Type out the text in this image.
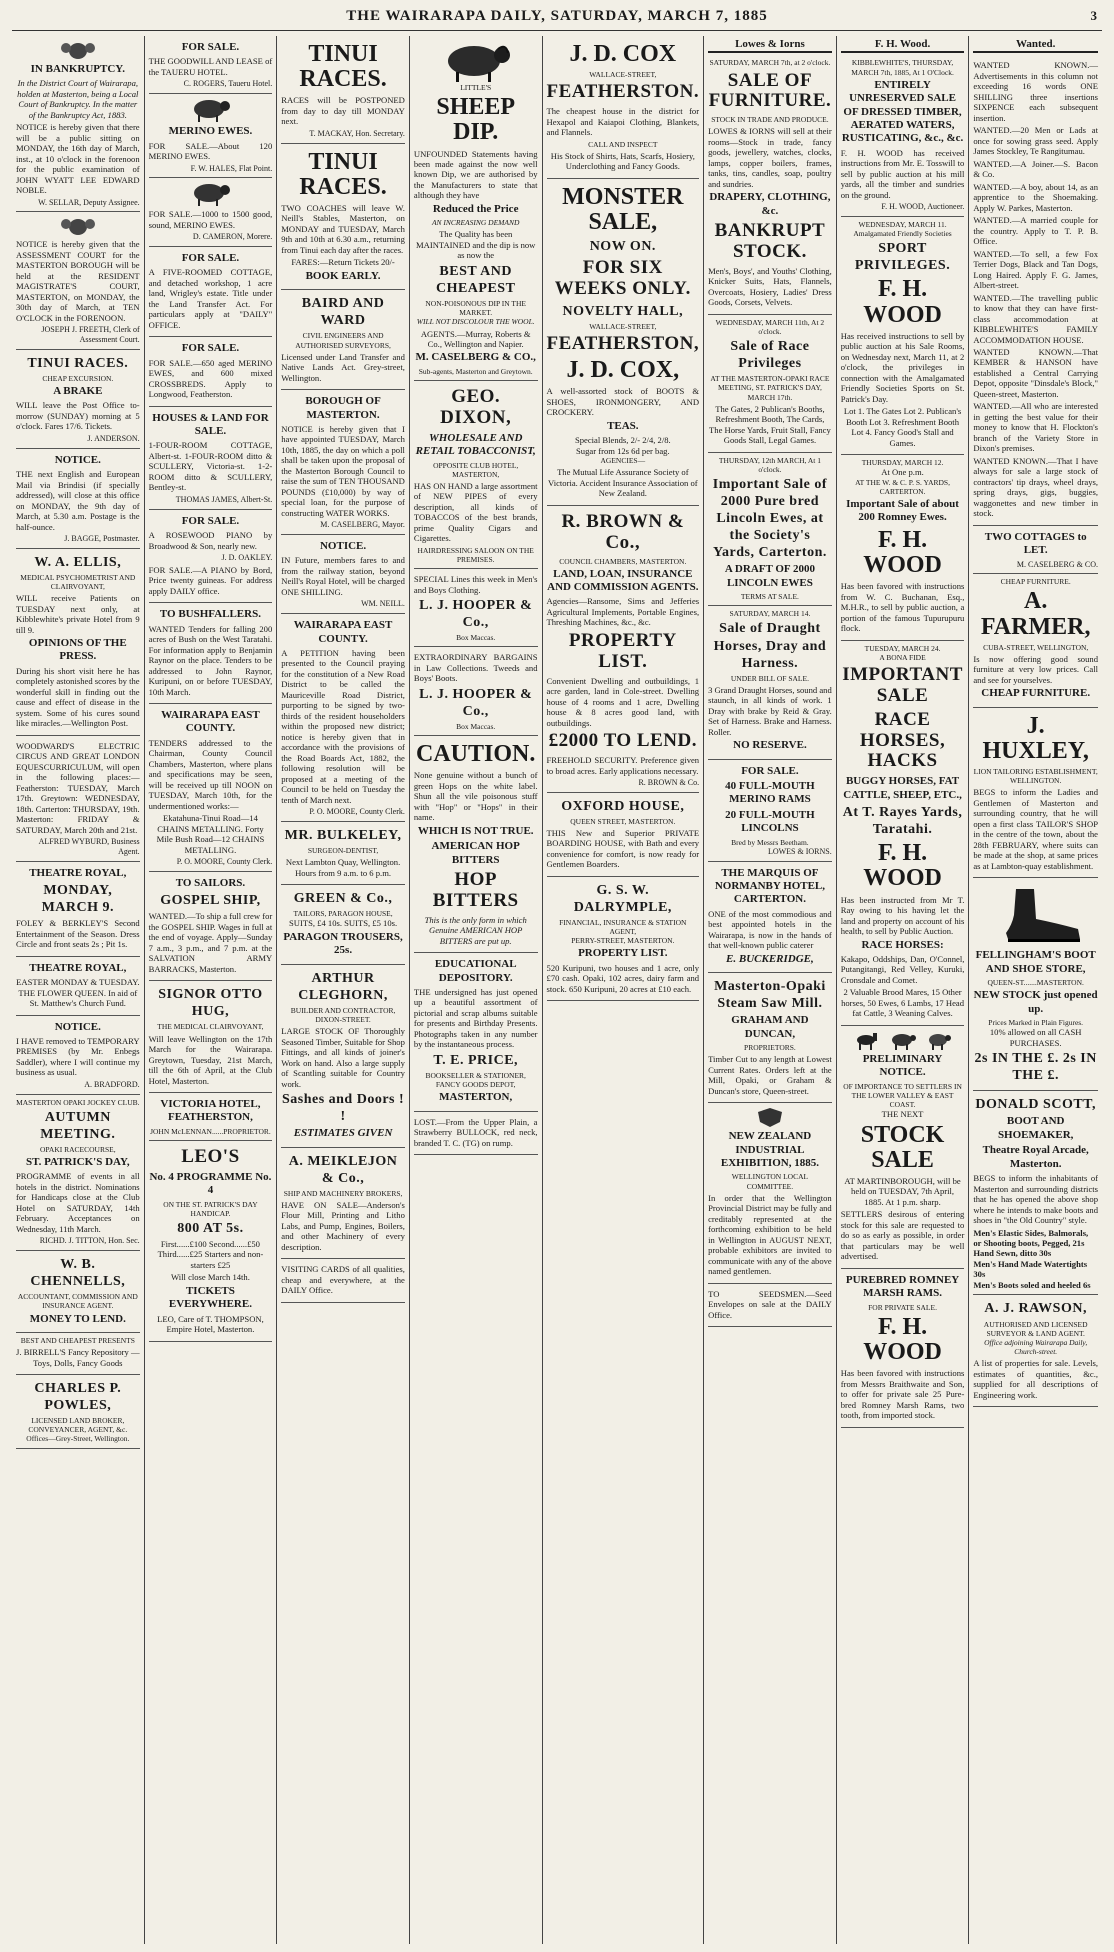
THE WAIRARAPA DAILY, SATURDAY, MARCH 7, 1885	3
IN BANKRUPTCY.

In the District Court of Wairarapa, holden at Masterton, being a Local Court of Bankruptcy. In the matter of the Bankruptcy Act, 1883.

NOTICE is hereby given that there will be a public sitting on MONDAY, the 16th day of March, inst., at 10 o'clock in the forenoon for the public examination of JOHN WYATT LEE EDWARD NOBLE.

W. SELLAR, Deputy Assignee.

NOTICE is hereby given that the ASSESSMENT COURT for the MASTERTON BOROUGH will be held at the RESIDENT MAGISTRATE'S COURT, MASTERTON, on MONDAY, the 30th day of March, at TEN O'CLOCK in the FORENOON.

JOSEPH J. FREETH, Clerk of Assessment Court.
TINUI RACES.
CHEAP EXCURSION.
A BRAKE

WILL leave the Post Office to-morrow (SUNDAY) morning at 5 o'clock. Fares 17/6. Tickets.

J. ANDERSON.
NOTICE.

THE next English and European Mail via Brindisi (if specially addressed), will close at this office on MONDAY, the 9th day of March, at 5.30 a.m. Postage is the half-ounce.

J. BAGGE, Postmaster.
W. A. ELLIS,
MEDICAL PSYCHOMETRIST AND CLAIRVOYANT,

WILL receive Patients on TUESDAY next only, at Kibblewhite's private Hotel from 9 till 9.

OPINIONS OF THE PRESS.

During his short visit here he has completely astonished scores by the wonderful skill in finding out the cause and effect of disease in the system. Some of his cures sound like miracles.—Wellington Post.

WOODWARD'S ELECTRIC CIRCUS AND GREAT LONDON EQUESCURRICULUM, will open in the following places:— Featherston: TUESDAY, March 17th. Greytown: WEDNESDAY, 18th. Carterton: THURSDAY, 19th. Masterton: FRIDAY & SATURDAY, March 20th and 21st.

ALFRED WYBURD, Business Agent.
THEATRE ROYAL,
MONDAY, MARCH 9.

FOLEY & BERKLEY'S Second Entertainment of the Season. Dress Circle and front seats 2s ; Pit 1s.

THEATRE ROYAL,

EASTER MONDAY & TUESDAY. THE FLOWER QUEEN. In aid of St. Matthew's Church Fund.

NOTICE.

I HAVE removed to TEMPORARY PREMISES (by Mr. Enbegs Saddler), where I will continue my business as usual.

A. BRADFORD.
MASTERTON OPAKI JOCKEY CLUB.
AUTUMN MEETING.
OPAKI RACECOURSE,
ST. PATRICK'S DAY,

PROGRAMME of events in all hotels in the district. Nominations for Handicaps close at the Club Hotel on SATURDAY, 14th February. Acceptances on Wednesday, 11th March.

RICHD. J. TITTON, Hon. Sec.
W. B. CHENNELLS,
ACCOUNTANT, COMMISSION AND INSURANCE AGENT.
MONEY TO LEND.
BEST AND CHEAPEST PRESENTS

J. BIRRELL'S Fancy Repository —Toys, Dolls, Fancy Goods

CHARLES P. POWLES,
LICENSED LAND BROKER, CONVEYANCER, AGENT, &c.
Offices—Grey-Street, Wellington.
FOR SALE.

THE GOODWILL AND LEASE of the TAUERU HOTEL.

C. ROGERS, Taueru Hotel.
MERINO EWES.

FOR SALE.—About 120 MERINO EWES.

F. W. HALES, Flat Point.

FOR SALE.—1000 to 1500 good, sound, MERINO EWES.

D. CAMERON, Morere.
FOR SALE.

A FIVE-ROOMED COTTAGE, and detached workshop, 1 acre land, Wrigley's estate. Title under the Land Transfer Act. For particulars apply at "DAILY" OFFICE.

FOR SALE.

FOR SALE.—650 aged MERINO EWES, and 600 mixed CROSSBREDS. Apply to Longwood, Featherston.

HOUSES & LAND FOR SALE.

1-FOUR-ROOM COTTAGE, Albert-st. 1-FOUR-ROOM ditto & SCULLERY, Victoria-st. 1-2-ROOM ditto & SCULLERY, Bentley-st.

THOMAS JAMES, Albert-St.
FOR SALE.

A ROSEWOOD PIANO by Broadwood & Son, nearly new.

J. D. OAKLEY.

FOR SALE.—A PIANO by Bord, Price twenty guineas. For address apply DAILY office.

TO BUSHFALLERS.

WANTED Tenders for falling 200 acres of Bush on the West Taratahi. For information apply to Benjamin Raynor on the place. Tenders to be addressed to John Raynor, Kuripuni, on or before TUESDAY, 10th March.

WAIRARAPA EAST COUNTY.

TENDERS addressed to the Chairman, County Council Chambers, Masterton, where plans and specifications may be seen, will be received up till NOON on TUESDAY, March 10th, for the undermentioned works:—

Ekatahuna-Tinui Road—14 CHAINS METALLING. Forty Mile Bush Road—12 CHAINS METALLING.

P. O. MOORE, County Clerk.
TO SAILORS.
GOSPEL SHIP,

WANTED.—To ship a full crew for the GOSPEL SHIP. Wages in full at the end of voyage. Apply—Sunday 7 a.m., 3 p.m., and 7 p.m. at the SALVATION ARMY BARRACKS, Masterton.

SIGNOR OTTO HUG,
THE MEDICAL CLAIRVOYANT,

Will leave Wellington on the 17th March for the Wairarapa. Greytown, Tuesday, 21st March, till the 6th of April, at the Club Hotel, Masterton.

VICTORIA HOTEL, FEATHERSTON,
JOHN McLENNAN......PROPRIETOR.
LEO'S
No. 4 PROGRAMME No. 4
ON THE ST. PATRICK'S DAY HANDICAP.
800 AT 5s.

First......£100 Second......£50 Third......£25 Starters and non-starters £25

Will close March 14th.
TICKETS EVERYWHERE.

LEO, Care of T. THOMPSON, Empire Hotel, Masterton.

TINUI RACES.

RACES will be POSTPONED from day to day till MONDAY next.

T. MACKAY, Hon. Secretary.
TINUI RACES.

TWO COACHES will leave W. Neill's Stables, Masterton, on MONDAY and TUESDAY, March 9th and 10th at 6.30 a.m., returning from Tinui each day after the races.

FARES:—Return Tickets 20/-
BOOK EARLY.
BAIRD AND WARD
CIVIL ENGINEERS AND AUTHORISED SURVEYORS,

Licensed under Land Transfer and Native Lands Act. Grey-street, Wellington.

BOROUGH OF MASTERTON.

NOTICE is hereby given that I have appointed TUESDAY, March 10th, 1885, the day on which a poll shall be taken upon the proposal of the Masterton Borough Council to raise the sum of TEN THOUSAND POUNDS (£10,000) by way of special loan, for the purpose of constructing WATER WORKS.

M. CASELBERG, Mayor.
NOTICE.

IN Future, members fares to and from the railway station, beyond Neill's Royal Hotel, will be charged ONE SHILLING.

WM. NEILL.
WAIRARAPA EAST COUNTY.

A PETITION having been presented to the Council praying for the constitution of a New Road District to be called the Mauriceville Road District, purporting to be signed by two-thirds of the resident householders within the proposed new district; notice is hereby given that in accordance with the provisions of the Road Boards Act, 1882, the following resolution will be proposed at a meeting of the Council to be held on Tuesday the tenth of March next.

P. O. MOORE, County Clerk.
MR. BULKELEY,
SURGEON-DENTIST,

Next Lambton Quay, Wellington. Hours from 9 a.m. to 6 p.m.

GREEN & Co.,
TAILORS, PARAGON HOUSE,
SUITS, £4 10s. SUITS, £5 10s.
PARAGON TROUSERS, 25s.
ARTHUR CLEGHORN,
BUILDER AND CONTRACTOR, DIXON-STREET.

LARGE STOCK OF Thoroughly Seasoned Timber, Suitable for Shop Fittings, and all kinds of joiner's Work on hand. Also a large supply of Scantling suitable for Country work.

Sashes and Doors ! !
ESTIMATES GIVEN
A. MEIKLEJON & Co.,
SHIP AND MACHINERY BROKERS,

HAVE ON SALE—Anderson's Flour Mill, Printing and Litho Labs, and Pump, Engines, Boilers, and other Machinery of every description.

VISITING CARDS of all qualities, cheap and everywhere, at the DAILY Office.

LITTLE'S
SHEEP DIP.

UNFOUNDED Statements having been made against the now well known Dip, we are authorised by the Manufacturers to state that although they have

Reduced the Price
AN INCREASING DEMAND

The Quality has been MAINTAINED and the dip is now as now the

BEST AND CHEAPEST
NON-POISONOUS DIP IN THE MARKET.
WILL NOT DISCOLOUR THE WOOL.

AGENTS.—Murray, Roberts & Co., Wellington and Napier.

M. CASELBERG & CO.,
Sub-agents, Masterton and Greytown.
GEO. DIXON,
WHOLESALE AND RETAIL TOBACCONIST,
OPPOSITE CLUB HOTEL, MASTERTON,

HAS ON HAND a large assortment of NEW PIPES of every description, all kinds of TOBACCOS of the best brands, prime Quality Cigars and Cigarettes.

HAIRDRESSING SALOON ON THE PREMISES.

SPECIAL Lines this week in Men's and Boys Clothing.

L. J. HOOPER & Co.,
Box Maccas.

EXTRAORDINARY BARGAINS in Law Collections. Tweeds and Boys' Boots.

L. J. HOOPER & Co.,
Box Maccas.
CAUTION.

None genuine without a bunch of green Hops on the white label. Shun all the vile poisonous stuff with "Hop" or "Hops" in their name.

WHICH IS NOT TRUE.
AMERICAN HOP BITTERS
HOP BITTERS

This is the only form in which Genuine AMERICAN HOP BITTERS are put up.

EDUCATIONAL DEPOSITORY.

THE undersigned has just opened up a beautiful assortment of pictorial and scrap albums suitable for presents and Birthday Presents. Photographs taken in any number by the instantaneous process.

T. E. PRICE,
BOOKSELLER & STATIONER, FANCY GOODS DEPOT,
MASTERTON,

LOST.—From the Upper Plain, a Strawberry BULLOCK, red neck, branded T. C. (TG) on rump.

J. D. COX
WALLACE-STREET,
FEATHERSTON.

The cheapest house in the district for Hexapol and Kaiapoi Clothing, Blankets, and Flannels.

CALL AND INSPECT

His Stock of Shirts, Hats, Scarfs, Hosiery, Underclothing and Fancy Goods.

MONSTER SALE,
NOW ON.
FOR SIX WEEKS ONLY.
NOVELTY HALL,
WALLACE-STREET,
FEATHERSTON,
J. D. COX,

A well-assorted stock of BOOTS & SHOES, IRONMONGERY, AND CROCKERY.

TEAS.
Special Blends, 2/- 2/4, 2/8.
Sugar from 12s 6d per bag.
AGENCIES—

The Mutual Life Assurance Society of Victoria. Accident Insurance Association of New Zealand.

R. BROWN & Co.,
COUNCIL CHAMBERS, MASTERTON.
LAND, LOAN, INSURANCE AND COMMISSION AGENTS.

Agencies—Ransome, Sims and Jefferies Agricultural Implements, Portable Engines, Threshing Machines, &c., &c.

PROPERTY LIST.

Convenient Dwelling and outbuildings, 1 acre garden, land in Cole-street. Dwelling house of 4 rooms and 1 acre, Dwelling house & 8 acres good land, with outbuildings.

£2000 TO LEND.

FREEHOLD SECURITY. Preference given to broad acres. Early applications necessary.

R. BROWN & Co.
OXFORD HOUSE,
QUEEN STREET, MASTERTON.

THIS New and Superior PRIVATE BOARDING HOUSE, with Bath and every convenience for comfort, is now ready for Gentlemen Boarders.

G. S. W. DALRYMPLE,
FINANCIAL, INSURANCE & STATION AGENT,
PERRY-STREET, MASTERTON.
PROPERTY LIST.

520 Kuripuni, two houses and 1 acre, only £70 cash. Opaki, 102 acres, dairy farm and stock. 650 Kuripuni, 20 acres at £10 each.

Lowes & Iorns
SATURDAY, MARCH 7th, at 2 o'clock.
SALE OF FURNITURE.
STOCK IN TRADE AND PRODUCE.

LOWES & IORNS will sell at their rooms—Stock in trade, fancy goods, jewellery, watches, clocks, lamps, copper boilers, frames, tanks, tins, candles, soap, poultry and sundries.

DRAPERY, CLOTHING, &c.
BANKRUPT STOCK.

Men's, Boys', and Youths' Clothing, Knicker Suits, Hats, Flannels, Overcoats, Hosiery, Ladies' Dress Goods, Corsets, Velvets.

WEDNESDAY, MARCH 11th, At 2 o'clock.
Sale of Race Privileges
AT THE MASTERTON-OPAKI RACE MEETING, ST. PATRICK'S DAY, MARCH 17th.

The Gates, 2 Publican's Booths, Refreshment Booth, The Cards, The Horse Yards, Fruit Stall, Fancy Goods Stall, Legal Games.

THURSDAY, 12th MARCH, At 1 o'clock.
Important Sale of 2000 Pure bred Lincoln Ewes, at the Society's Yards, Carterton.
A DRAFT OF 2000 LINCOLN EWES
TERMS AT SALE.
SATURDAY, MARCH 14.
Sale of Draught Horses, Dray and Harness.
UNDER BILL OF SALE.

3 Grand Draught Horses, sound and staunch, in all kinds of work. 1 Dray with brake by Reid & Gray. Set of Harness. Brake and Harness. Roller.

NO RESERVE.
FOR SALE.
40 FULL-MOUTH MERINO RAMS
20 FULL-MOUTH LINCOLNS
Bred by Messrs Beetham.
LOWES & IORNS.
THE MARQUIS OF NORMANBY HOTEL, CARTERTON.

ONE of the most commodious and best appointed hotels in the Wairarapa, is now in the hands of that well-known public caterer

E. BUCKERIDGE,
Masterton-Opaki Steam Saw Mill.
GRAHAM AND DUNCAN,
PROPRIETORS.

Timber Cut to any length at Lowest Current Rates. Orders left at the Mill, Opaki, or Graham & Duncan's store, Queen-street.

NEW ZEALAND INDUSTRIAL EXHIBITION, 1885.
WELLINGTON LOCAL COMMITTEE.

In order that the Wellington Provincial District may be fully and creditably represented at the forthcoming exhibition to be held in Wellington in AUGUST NEXT, probable exhibitors are invited to communicate with any of the above named gentlemen.

TO SEEDSMEN.—Seed Envelopes on sale at the DAILY Office.

F. H. Wood.
KIBBLEWHITE'S, THURSDAY, MARCH 7th, 1885, At 1 O'Clock.
ENTIRELY UNRESERVED SALE OF DRESSED TIMBER, AERATED WATERS, RUSTICATING, &c., &c.

F. H. WOOD has received instructions from Mr. E. Tosswill to sell by public auction at his mill yards, all the timber and sundries on the ground.

F. H. WOOD, Auctioneer.
WEDNESDAY, MARCH 11.
Amalgamated Friendly Societies
SPORT PRIVILEGES.
F. H. WOOD

Has received instructions to sell by public auction at his Sale Rooms, on Wednesday next, March 11, at 2 o'clock, the privileges in connection with the Amalgamated Friendly Societies Sports on St. Patrick's Day.

Lot 1. The Gates Lot 2. Publican's Booth Lot 3. Refreshment Booth Lot 4. Fancy Good's Stall and Games.

THURSDAY, MARCH 12.
At One p.m.
AT THE W. & C. P. S. YARDS, CARTERTON.
Important Sale of about 200 Romney Ewes.
F. H. WOOD

Has been favored with instructions from W. C. Buchanan, Esq., M.H.R., to sell by public auction, a portion of the famous Tupurupuru flock.

TUESDAY, MARCH 24.
A BONA FIDE
IMPORTANT SALE
RACE HORSES, HACKS
BUGGY HORSES, FAT CATTLE, SHEEP, ETC.,
At T. Rayes Yards, Taratahi.
F. H. WOOD

Has been instructed from Mr T. Ray owing to his having let the land and property on account of his health, to sell by Public Auction.

RACE HORSES:

Kakapo, Oddships, Dan, O'Connel, Putangitangi, Red Velley, Kuruki, Cronsdale and Comet.

2 Valuable Brood Mares, 15 Other horses, 50 Ewes, 6 Lambs, 17 Head fat Cattle, 3 Weaning Calves.

PRELIMINARY NOTICE.
OF IMPORTANCE TO SETTLERS IN THE LOWER VALLEY & EAST COAST.
THE NEXT
STOCK SALE

AT MARTINBOROUGH, will be held on TUESDAY, 7th April, 1885. At 1 p.m. sharp.

SETTLERS desirous of entering stock for this sale are requested to do so as early as possible, in order that particulars may be well advertised.

PUREBRED ROMNEY MARSH RAMS.
FOR PRIVATE SALE.
F. H. WOOD

Has been favored with instructions from Messrs Braithwaite and Son, to offer for private sale 25 Pure-bred Romney Marsh Rams, two tooth, from imported stock.

Wanted.

WANTED KNOWN.—Advertisements in this column not exceeding 16 words ONE SHILLING three insertions SIXPENCE each subsequent insertion.

WANTED.—20 Men or Lads at once for sowing grass seed. Apply James Stockley, Te Rangitumau.

WANTED.—A Joiner.—S. Bacon & Co.

WANTED.—A boy, about 14, as an apprentice to the Shoemaking. Apply W. Parkes, Masterton.

WANTED.—A married couple for the country. Apply to T. P. B. Office.

WANTED.—To sell, a few Fox Terrier Dogs, Black and Tan Dogs, Long Haired. Apply F. G. James, Albert-street.

WANTED.—The travelling public to know that they can have first-class accommodation at KIBBLEWHITE'S FAMILY ACCOMMODATION HOUSE.

WANTED KNOWN.—That KEMBER & HANSON have established a Central Carrying Depot, opposite "Dinsdale's Block," Queen-street, Masterton.

WANTED.—All who are interested in getting the best value for their money to know that H. Flockton's branch of the Variety Store in Dixon's premises.

WANTED KNOWN.—That I have always for sale a large stock of contractors' tip drays, wheel drays, spring drays, gigs, buggies, waggonettes and new timber in stock.

TWO COTTAGES to LET.
M. CASELBERG & CO.
CHEAP FURNITURE.
A. FARMER,
CUBA-STREET, WELLINGTON,

Is now offering good sound furniture at very low prices. Call and see for yourselves.

CHEAP FURNITURE.
J. HUXLEY,
LION TAILORING ESTABLISHMENT, WELLINGTON.

BEGS to inform the Ladies and Gentlemen of Masterton and surrounding country, that he will open a first class TAILOR'S SHOP in the centre of the town, about the 28th FEBRUARY, where suits can be made at the shop, at same prices as at Lambton-quay establishment.

FELLINGHAM'S BOOT AND SHOE STORE,
QUEEN-ST.......MASTERTON.
NEW STOCK just opened up.
Prices Marked in Plain Figures.
10% allowed on all CASH PURCHASES.
2s IN THE £. 2s IN THE £.
DONALD SCOTT,
BOOT AND SHOEMAKER,
Theatre Royal Arcade, Masterton.

BEGS to inform the inhabitants of Masterton and surrounding districts that he has opened the above shop where he intends to make boots and shoes in "the Old Country" style.

Men's Elastic Sides, Balmorals, or Shooting boots, Pegged, 21s
Hand Sewn, ditto 30s
Men's Hand Made Watertights 30s
Men's Boots soled and heeled 6s
A. J. RAWSON,
AUTHORISED AND LICENSED SURVEYOR & LAND AGENT.
Office adjoining Wairarapa Daily, Church-street.

A list of properties for sale. Levels, estimates of quantities, &c., supplied for all descriptions of Engineering work.
